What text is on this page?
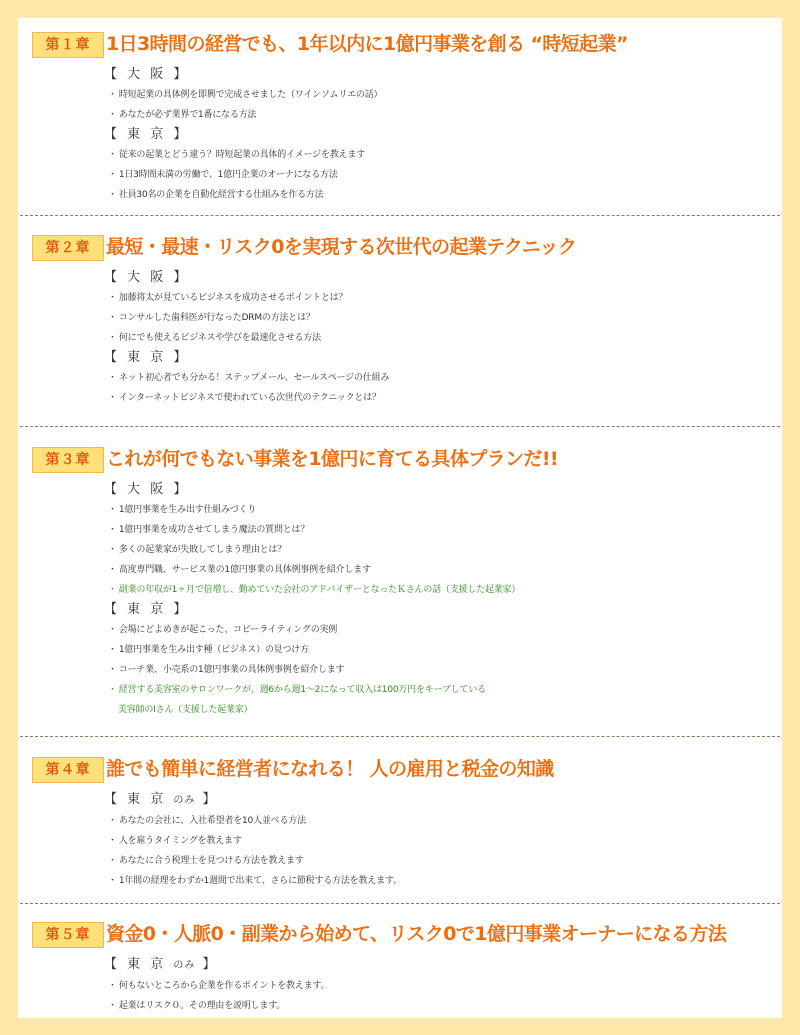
第１章 1日3時間の経営でも、1年以内に1億円事業を創る “時短起業”
【 大 阪 】
・ 時短起業の具体例を即興で完成させました（ワインソムリエの話）
・ あなたが必ず業界で1番になる方法
【 東 京 】
・ 従来の起業とどう違う？時短起業の具体的イメージを教えます
・ 1日3時間未満の労働で、1億円企業のオーナになる方法
・ 社員30名の企業を自動化経営する仕組みを作る方法
第２章 最短・最速・リスク0を実現する次世代の起業テクニック
【 大 阪 】
・ 加藤将太が見ているビジネスを成功させるポイントとは？
・ コンサルした歯科医が行なったDRMの方法とは？
・ 何にでも使えるビジネスや学びを最速化させる方法
【 東 京 】
・ ネット初心者でも分かる！ステップメール、セールスページの仕組み
・ インターネットビジネスで使われている次世代のテクニックとは？
第３章 これが何でもない事業を1億円に育てる具体プランだ!!
【 大 阪 】
・ 1億円事業を生み出す仕組みづくり
・ 1億円事業を成功させてしまう魔法の質問とは？
・ 多くの起業家が失敗してしまう理由とは？
・ 高度専門職、サービス業の1億円事業の具体例事例を紹介します
・ 副業の年収が1ヶ月で倍増し、勤めていた会社のアドバイザーとなったＫさんの話（支援した起業家）
【 東 京 】
・ 会場にどよめきが起こった、コピーライティングの実例
・ 1億円事業を生み出す種（ビジネス）の見つけ方
・ コーチ業、小売系の1億円事業の具体例事例を紹介します
・ 経営する美容室のサロンワークが、週6から週1～2になって収入は100万円をキープしている
美容師のIさん（支援した起業家）
第４章 誰でも簡単に経営者になれる！ 人の雇用と税金の知識
【 東 京 のみ 】
・ あなたの会社に、入社希望者を10人並べる方法
・ 人を雇うタイミングを教えます
・ あなたに合う税理士を見つける方法を教えます
・ 1年間の経理をわずか1週間で出来て、さらに節税する方法を教えます。
第５章 資金0・人脈0・副業から始めて、リスク0で1億円事業オーナーになる方法
【 東 京 のみ 】
・ 何もないところから企業を作るポイントを教えます。
・ 起業はリスク０。その理由を説明します。
